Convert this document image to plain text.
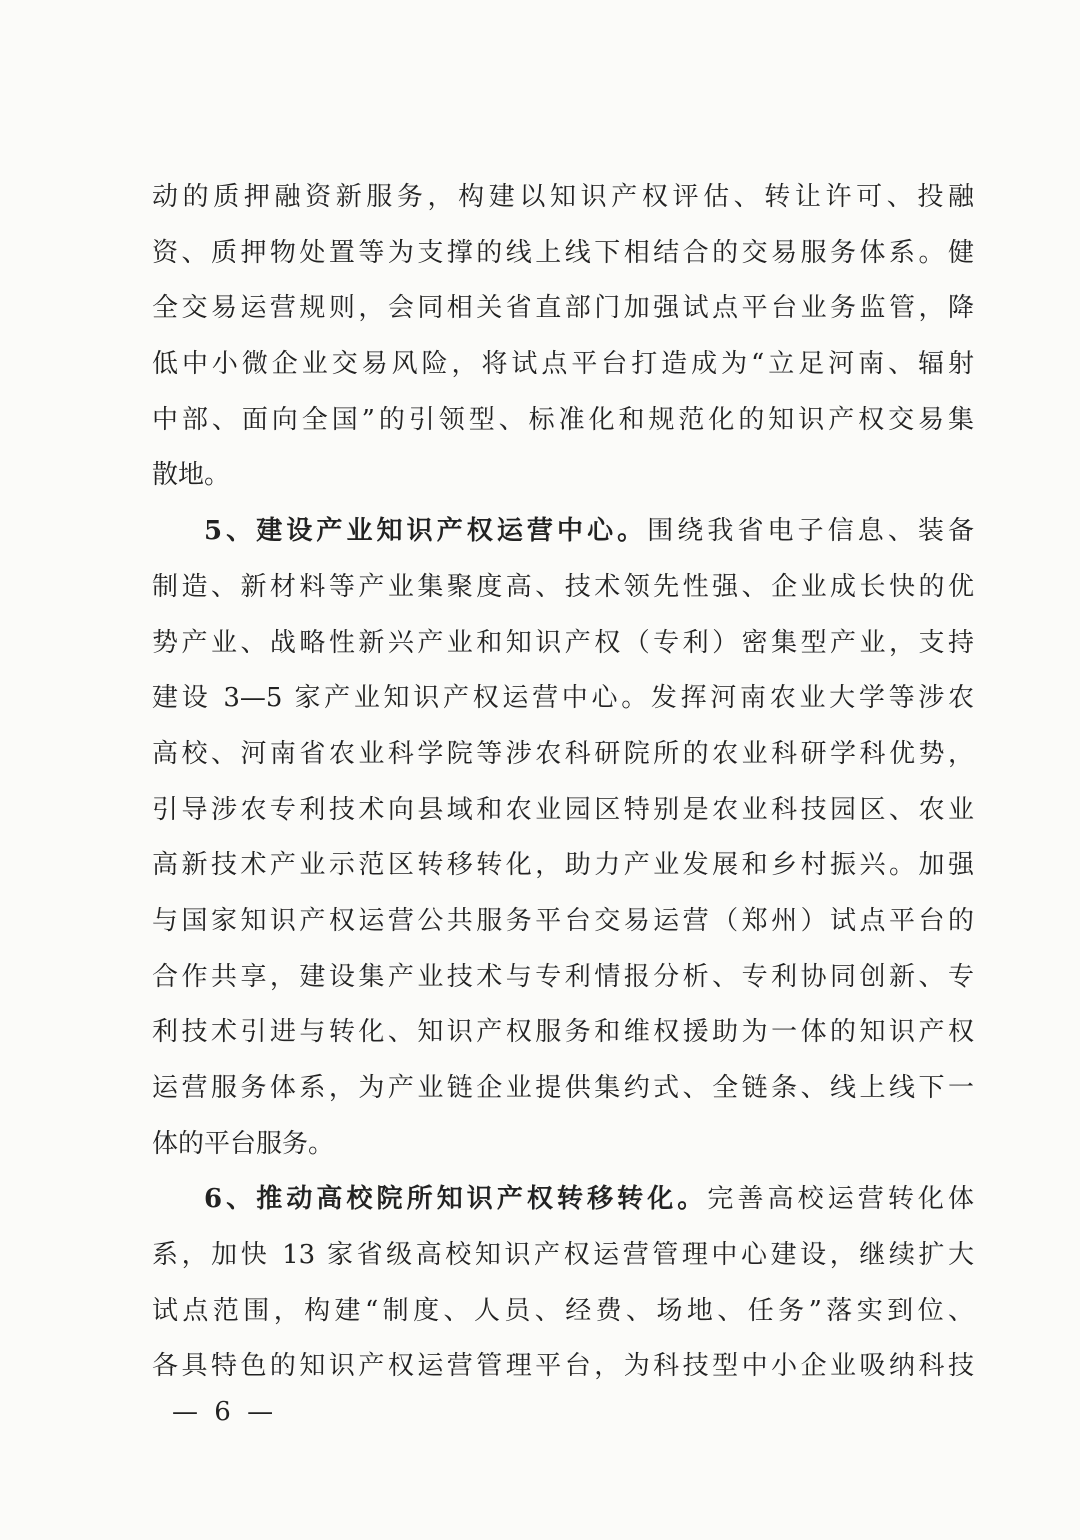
动的质押融资新服务，构建以知识产权评估、转让许可、投融
资、质押物处置等为支撑的线上线下相结合的交易服务体系。健
全交易运营规则，会同相关省直部门加强试点平台业务监管，降
低中小微企业交易风险，将试点平台打造成为“立足河南、辐射
中部、面向全国”的引领型、标准化和规范化的知识产权交易集
散地。
5、建设产业知识产权运营中心。围绕我省电子信息、装备
制造、新材料等产业集聚度高、技术领先性强、企业成长快的优
势产业、战略性新兴产业和知识产权（专利）密集型产业，支持
建设 3—5 家产业知识产权运营中心。发挥河南农业大学等涉农
高校、河南省农业科学院等涉农科研院所的农业科研学科优势，
引导涉农专利技术向县域和农业园区特别是农业科技园区、农业
高新技术产业示范区转移转化，助力产业发展和乡村振兴。加强
与国家知识产权运营公共服务平台交易运营（郑州）试点平台的
合作共享，建设集产业技术与专利情报分析、专利协同创新、专
利技术引进与转化、知识产权服务和维权援助为一体的知识产权
运营服务体系，为产业链企业提供集约式、全链条、线上线下一
体的平台服务。
6、推动高校院所知识产权转移转化。完善高校运营转化体
系，加快 13 家省级高校知识产权运营管理中心建设，继续扩大
试点范围，构建“制度、人员、经费、场地、任务”落实到位、
各具特色的知识产权运营管理平台，为科技型中小企业吸纳科技
— 6 —
